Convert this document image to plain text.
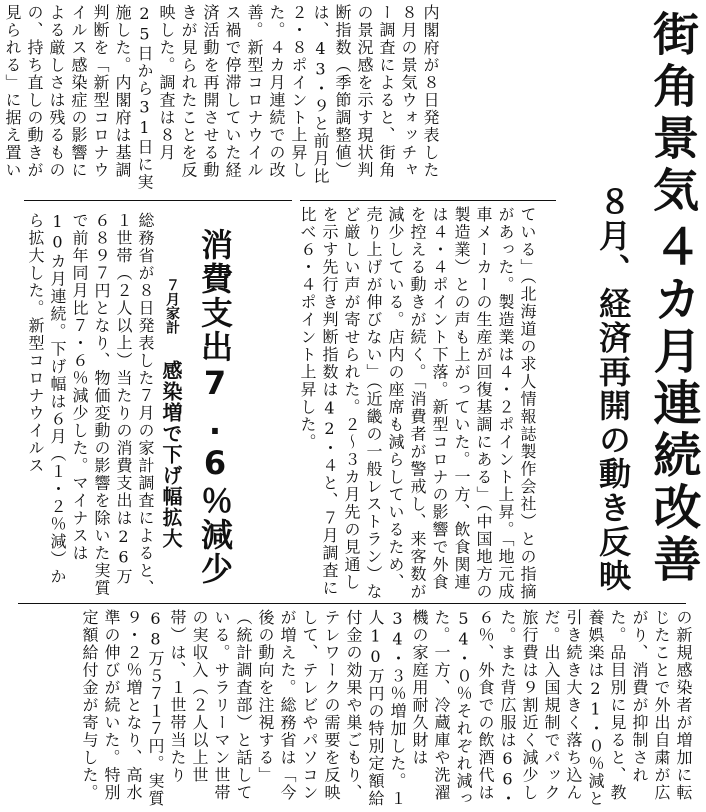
街角景気
４カ月連続改善
８月、経済再開の動き反映
内閣府が８日発表した８月の景気ウォッチャー調査によると、街角の景況感を示す現状判断指数（季節調整値）は、43・９と前月比２・８ポイント上昇した。４カ月連続での改善。新型コロナウイルス禍で停滞していた経済活動を再開させる動きが見られたことを反映した。調査は８月25日から31日に実施した。内閣府は基調判断を「新型コロナウイルス感染症の影響による厳しさは残るものの、持ち直しの動きが見られる」に据え置い
ている」（北海道の求人情報誌製作会社）との指摘があった。製造業は４・２ポイント上昇。「地元成車メーカーの生産が回復基調にある」（中国地方の製造業）との声も上がっていた。一方、飲食関連は４・４ポイント下落。新型コロナの影響で外食を控える動きが続く。「消費者が警戒し、来客数が減少している。店内の座席も減らしているため、売り上げが伸びない」（近畿の一般レストラン）など厳しい声が寄せられた。２〜３カ月先の見通しを示す先行き判断指数は42・４と、７月調査に比べ６・４ポイント上昇した。
消費支出7.6％減少
７月家計
感染増で下げ幅拡大
総務省が８日発表した７月の家計調査によると、１世帯（２人以上）当たりの消費支出は26万６８９７円となり、物価変動の影響を除いた実質で前年同月比７・６％減少した。マイナスは10カ月連続。下げ幅は６月（１・２％減）から拡大した。新型コロナウイルス
の新規感染者が増加に転じたことで外出自粛が広がり、消費が抑制された。品目別に見ると、教養娯楽は21・０％減と引き続き大きく落ち込んだ。出入国規制でパック旅行費は９割近く減少した。また背広服は66・６％、外食での飲酒代は54・０％それぞれ減った。一方、冷蔵庫や洗濯機の家庭用耐久財は34・３％増加した。１人10万円の特別定額給付金の効果や巣ごもり、テレワークの需要を反映して、テレビやパソコンが増えた。総務省は「今後の動向を注視する」（統計調査部）と話している。サラリーマン世帯の実収入（２人以上世帯）は、１世帯当たり68万５７１７円。実質９・２％増となり、高水準の伸びが続いた。特別定額給付金が寄与した。
